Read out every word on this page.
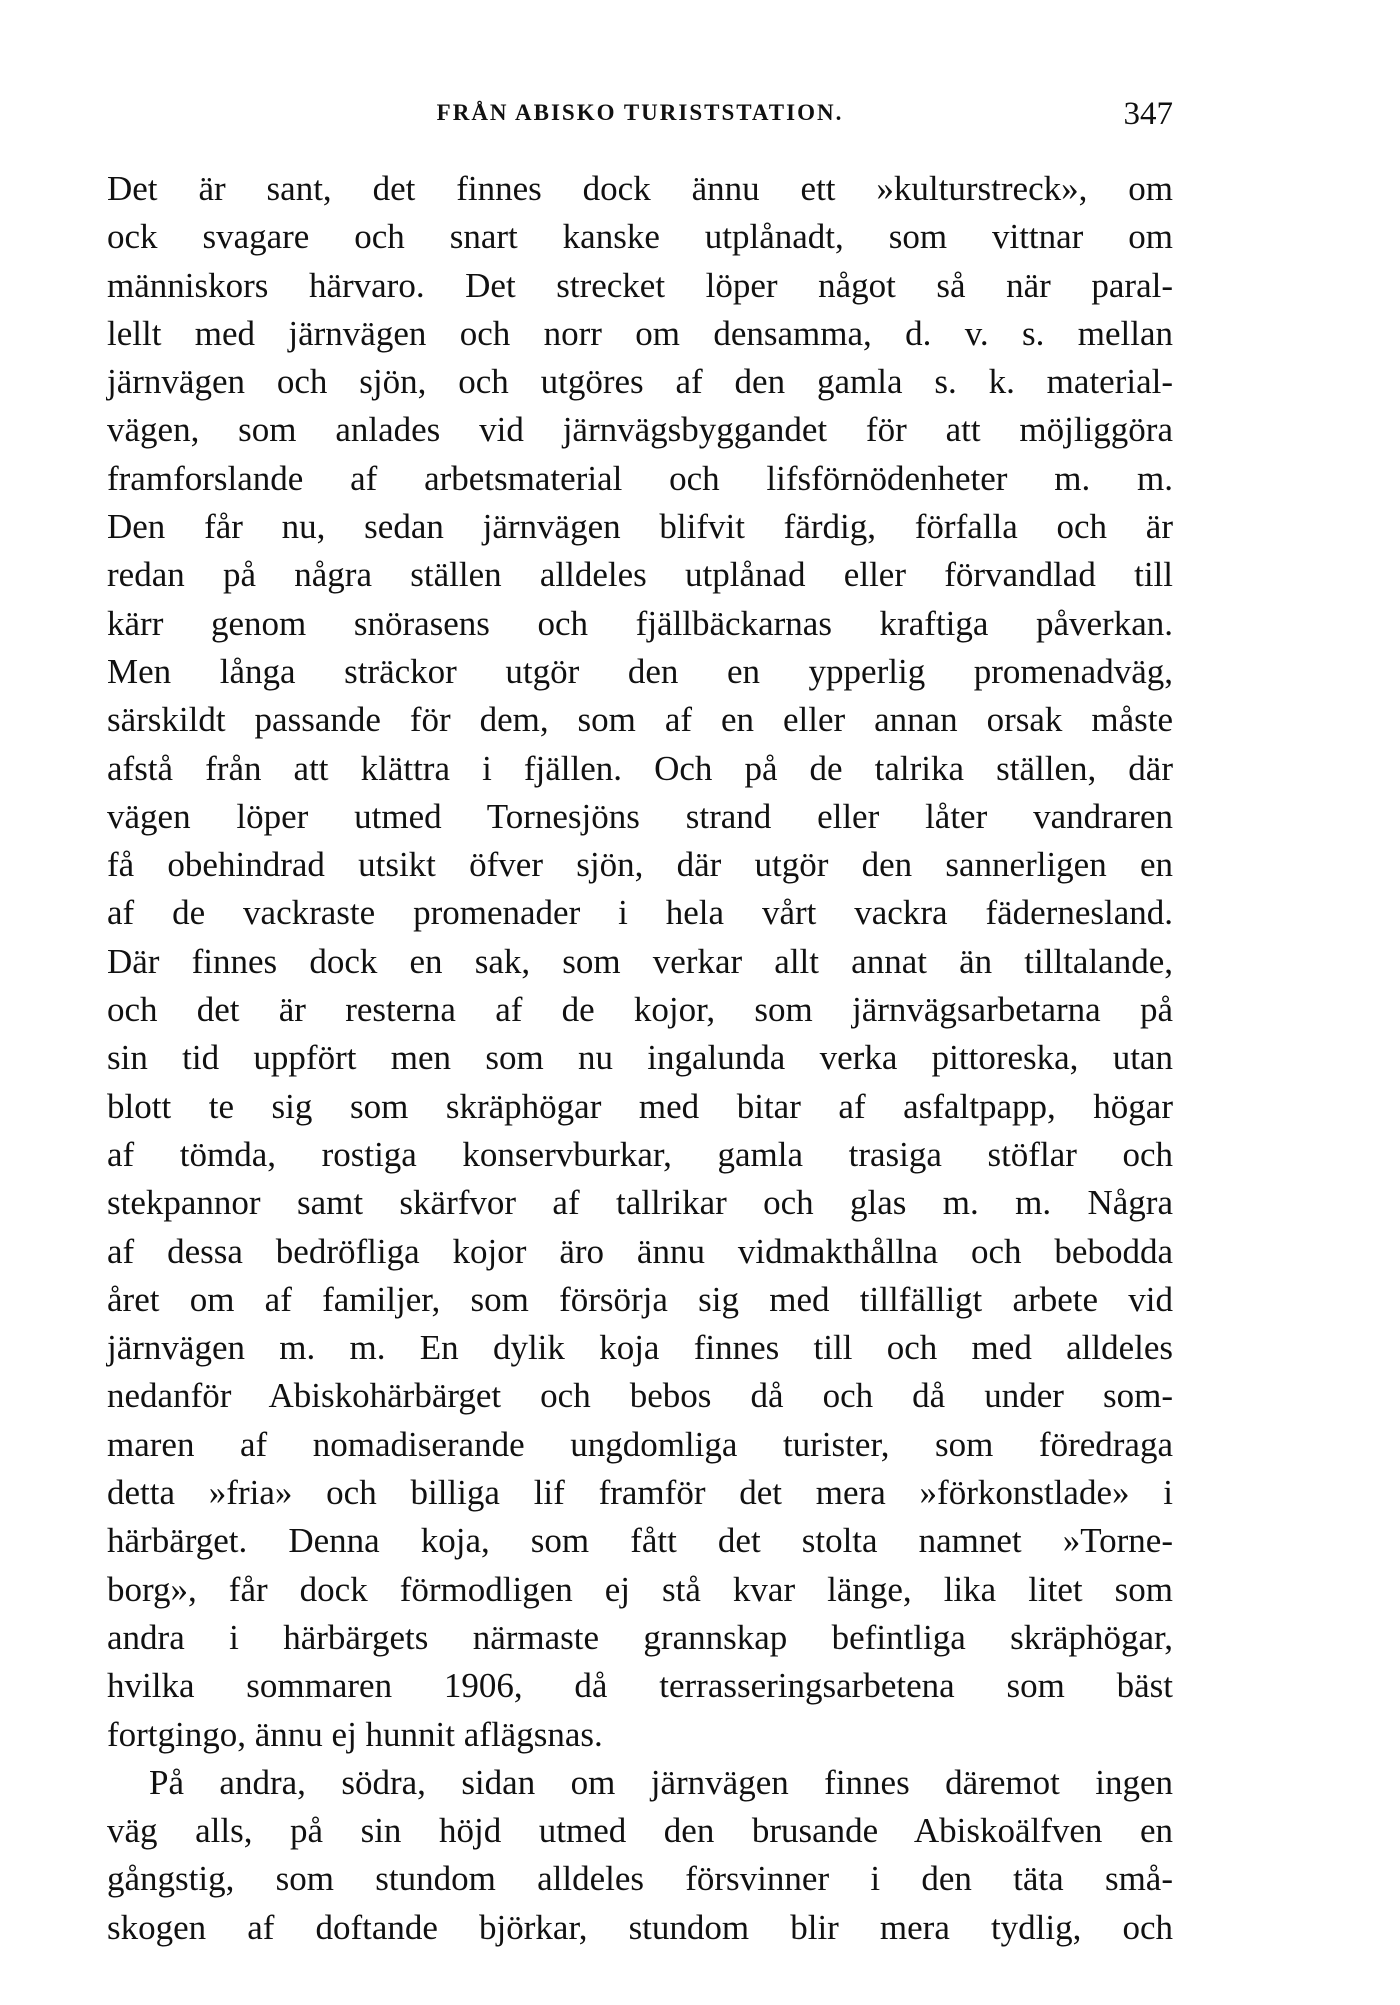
FRÅN ABISKO TURISTSTATION.	347
Det är sant, det finnes dock ännu ett »kulturstreck», om
ock svagare och snart kanske utplånadt, som vittnar om
människors härvaro. Det strecket löper något så när paral-
lellt med järnvägen och norr om densamma, d. v. s. mellan
järnvägen och sjön, och utgöres af den gamla s. k. material-
vägen, som anlades vid järnvägsbyggandet för att möjliggöra
framforslande af arbetsmaterial och lifsförnödenheter m. m.
Den får nu, sedan järnvägen blifvit färdig, förfalla och är
redan på några ställen alldeles utplånad eller förvandlad till
kärr genom snörasens och fjällbäckarnas kraftiga påverkan.
Men långa sträckor utgör den en ypperlig promenadväg,
särskildt passande för dem, som af en eller annan orsak måste
afstå från att klättra i fjällen. Och på de talrika ställen, där
vägen löper utmed Tornesjöns strand eller låter vandraren
få obehindrad utsikt öfver sjön, där utgör den sannerligen en
af de vackraste promenader i hela vårt vackra fädernesland.
Där finnes dock en sak, som verkar allt annat än tilltalande,
och det är resterna af de kojor, som järnvägsarbetarna på
sin tid uppfört men som nu ingalunda verka pittoreska, utan
blott te sig som skräphögar med bitar af asfaltpapp, högar
af tömda, rostiga konservburkar, gamla trasiga stöflar och
stekpannor samt skärfvor af tallrikar och glas m. m. Några
af dessa bedröfliga kojor äro ännu vidmakthållna och bebodda
året om af familjer, som försörja sig med tillfälligt arbete vid
järnvägen m. m. En dylik koja finnes till och med alldeles
nedanför Abiskohärbärget och bebos då och då under som-
maren af nomadiserande ungdomliga turister, som föredraga
detta »fria» och billiga lif framför det mera »förkonstlade» i
härbärget. Denna koja, som fått det stolta namnet »Torne-
borg», får dock förmodligen ej stå kvar länge, lika litet som
andra i härbärgets närmaste grannskap befintliga skräphögar,
hvilka sommaren 1906, då terrasseringsarbetena som bäst
fortgingo, ännu ej hunnit aflägsnas.
På andra, södra, sidan om järnvägen finnes däremot ingen
väg alls, på sin höjd utmed den brusande Abiskoälfven en
gångstig, som stundom alldeles försvinner i den täta små-
skogen af doftande björkar, stundom blir mera tydlig, och
